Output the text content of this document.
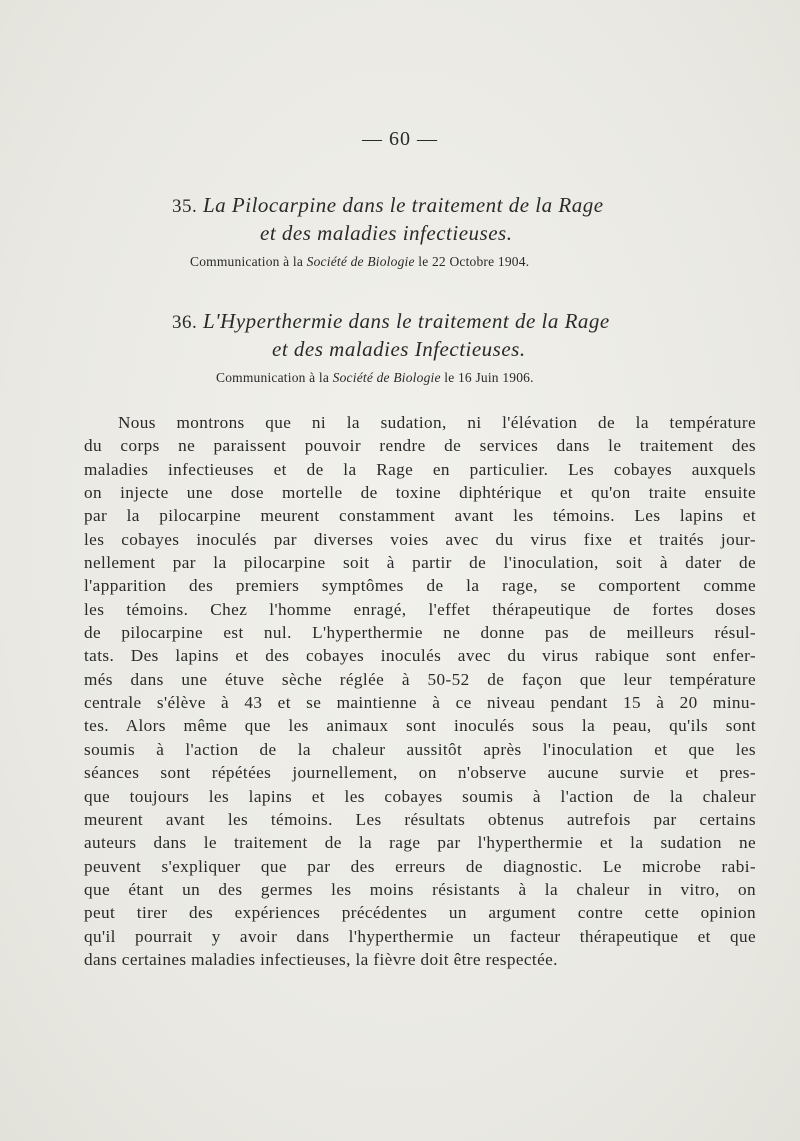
— 60 —
35. La Pilocarpine dans le traitement de la Rage
et des maladies infectieuses.
Communication à la Société de Biologie le 22 Octobre 1904.
36. L'Hyperthermie dans le traitement de la Rage
et des maladies Infectieuses.
Communication à la Société de Biologie le 16 Juin 1906.
Nous montrons que ni la sudation, ni l'élévation de la température
du corps ne paraissent pouvoir rendre de services dans le traitement des
maladies infectieuses et de la Rage en particulier. Les cobayes auxquels
on injecte une dose mortelle de toxine diphtérique et qu'on traite ensuite
par la pilocarpine meurent constamment avant les témoins. Les lapins et
les cobayes inoculés par diverses voies avec du virus fixe et traités jour-
nellement par la pilocarpine soit à partir de l'inoculation, soit à dater de
l'apparition des premiers symptômes de la rage, se comportent comme
les témoins. Chez l'homme enragé, l'effet thérapeutique de fortes doses
de pilocarpine est nul. L'hyperthermie ne donne pas de meilleurs résul-
tats. Des lapins et des cobayes inoculés avec du virus rabique sont enfer-
més dans une étuve sèche réglée à 50-52 de façon que leur température
centrale s'élève à 43 et se maintienne à ce niveau pendant 15 à 20 minu-
tes. Alors même que les animaux sont inoculés sous la peau, qu'ils sont
soumis à l'action de la chaleur aussitôt après l'inoculation et que les
séances sont répétées journellement, on n'observe aucune survie et pres-
que toujours les lapins et les cobayes soumis à l'action de la chaleur
meurent avant les témoins. Les résultats obtenus autrefois par certains
auteurs dans le traitement de la rage par l'hyperthermie et la sudation ne
peuvent s'expliquer que par des erreurs de diagnostic. Le microbe rabi-
que étant un des germes les moins résistants à la chaleur in vitro, on
peut tirer des expériences précédentes un argument contre cette opinion
qu'il pourrait y avoir dans l'hyperthermie un facteur thérapeutique et que
dans certaines maladies infectieuses, la fièvre doit être respectée.
